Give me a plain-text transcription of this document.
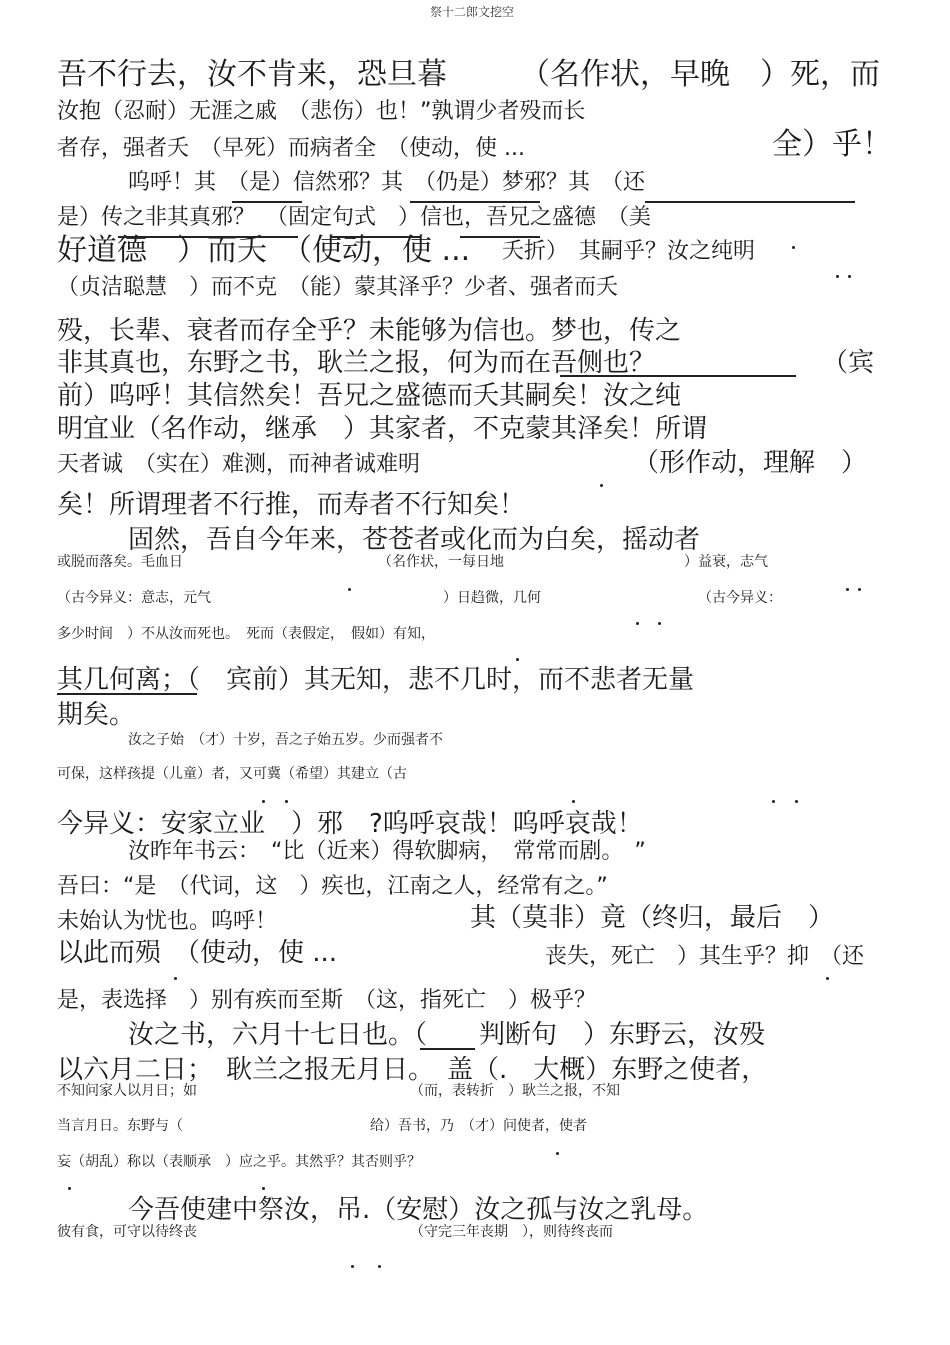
祭十二郎文挖空
吾不行去，汝不肯来，恐旦暮 （名作状，早晚　）死，而
汝抱（忍耐）无涯之戚　（悲伤）也！”孰谓少者殁而长
者存，强者夭　（早死）而病者全　（使动，使 ...	全）乎！
呜呼！其　（是）信然邪？其　（仍是）梦邪？其　（还
是）传之非其真邪？　（固定句式　）信也，吾兄之盛德　（美
好道德　）而夭　（使动，使 ... 夭折）　其嗣乎？汝之纯明
（贞洁聪慧　）而不克　（能）蒙其泽乎？少者、强者而夭
殁，长辈、衰者而存全乎？未能够为信也。梦也，传之
非其真也，东野之书，耿兰之报，何为而在吾侧也？	（宾
前）呜呼！其信然矣！吾兄之盛德而夭其嗣矣！汝之纯
明宜业（名作动，继承　）其家者，不克蒙其泽矣！所谓
天者诚　（实在）难测，而神者诚难明	（形作动，理解　）
矣！所谓理者不行推，而寿者不行知矣！
固然，吾自今年来，苍苍者或化而为白矣，摇动者
或脱而落矣。毛血日	（名作状，一每日地	）益衰，志气
（古今异义：意志，元气	）日趋微，几何	（古今异义：
多少时间　）不从汝而死也。　死而（表假定，　假如）有知，
其几何离；（　宾前）其无知，悲不几时，而不悲者无量
期矣。
汝之子始　（才）十岁，吾之子始五岁。少而强者不
可保，这样孩提（儿童）者，又可冀（希望）其建立（古
今异义：安家立业　）邪　?呜呼哀哉！呜呼哀哉！
汝昨年书云：　“比（近来）得软脚病，　常常而剧。　”
吾曰：“是　（代词，这　）疾也，江南之人，经常有之。”
未始认为忧也。呜呼！	其（莫非）竟（终归，最后　）
以此而殒　（使动，使 ...	丧失，死亡　）其生乎？抑　（还
是，表选择　）别有疾而至斯　（这，指死亡　）极乎？
汝之书，六月十七日也。（　　判断句　）东野云，汝殁
以六月二日；　耿兰之报无月日。　盖（.　大概）东野之使者，
不知问家人以月日；如	（而，表转折　）耿兰之报，不知
当言月日。东野与（	给）吾书，乃　（才）问使者，使者
妄（胡乱）称以（表顺承　）应之乎。其然乎？其否则乎？
今吾使建中祭汝，吊.（安慰）汝之孤与汝之乳母。
彼有食，可守以待终丧	（守完三年丧期　），则待终丧而
